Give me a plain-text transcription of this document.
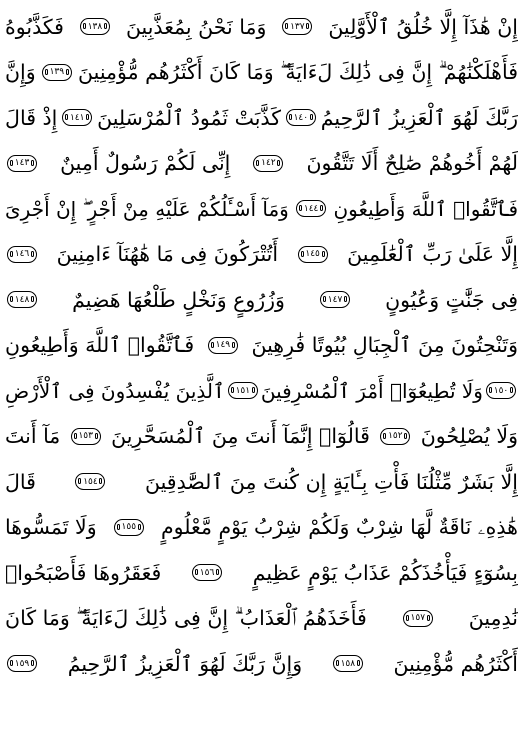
إِنْ هَٰذَآ إِلَّا خُلُقُ ٱلْأَوَّلِينَ
١٣٧
وَمَا نَحْنُ بِمُعَذَّبِينَ
١٣٨
فَكَذَّبُوهُ
فَأَهْلَكْنَٰهُمْ ۗ إِنَّ فِى ذَٰلِكَ لَءَايَةً ۖ وَمَا كَانَ أَكْثَرُهُم مُّؤْمِنِينَ
١٣٩
وَإِنَّ
رَبَّكَ لَهُوَ ٱلْعَزِيزُ ٱلرَّحِيمُ
١٤٠
كَذَّبَتْ ثَمُودُ ٱلْمُرْسَلِينَ
١٤١
إِذْ قَالَ
لَهُمْ أَخُوهُمْ صَٰلِحٌ أَلَا تَتَّقُونَ
١٤٢
إِنِّى لَكُمْ رَسُولٌ أَمِينٌ
١٤٣
فَٱتَّقُوا۟ ٱللَّهَ وَأَطِيعُونِ
١٤٤
وَمَآ أَسْـَٔلُكُمْ عَلَيْهِ مِنْ أَجْرٍ ۖ إِنْ أَجْرِىَ
إِلَّا عَلَىٰ رَبِّ ٱلْعَٰلَمِينَ
١٤٥
أَتُتْرَكُونَ فِى مَا هَٰهُنَآ ءَامِنِينَ
١٤٦
فِى جَنَّٰتٍ وَعُيُونٍ
١٤٧
وَزُرُوعٍ وَنَخْلٍ طَلْعُهَا هَضِيمٌ
١٤٨
وَتَنْحِتُونَ مِنَ ٱلْجِبَالِ بُيُوتًا فَٰرِهِينَ
١٤٩
فَٱتَّقُوا۟ ٱللَّهَ وَأَطِيعُونِ
١٥٠
وَلَا تُطِيعُوٓا۟ أَمْرَ ٱلْمُسْرِفِينَ
١٥١
ٱلَّذِينَ يُفْسِدُونَ فِى ٱلْأَرْضِ
وَلَا يُصْلِحُونَ
١٥٢
قَالُوٓا۟ إِنَّمَآ أَنتَ مِنَ ٱلْمُسَحَّرِينَ
١٥٣
مَآ أَنتَ
إِلَّا بَشَرٌ مِّثْلُنَا فَأْتِ بِـَٔايَةٍ إِن كُنتَ مِنَ ٱلصَّٰدِقِينَ
١٥٤
قَالَ
هَٰذِهِۦ نَاقَةٌ لَّهَا شِرْبٌ وَلَكُمْ شِرْبُ يَوْمٍ مَّعْلُومٍ
١٥٥
وَلَا تَمَسُّوهَا
بِسُوٓءٍ فَيَأْخُذَكُمْ عَذَابُ يَوْمٍ عَظِيمٍ
١٥٦
فَعَقَرُوهَا فَأَصْبَحُوا۟
نَٰدِمِينَ
١٥٧
فَأَخَذَهُمُ ٱلْعَذَابُ ۗ إِنَّ فِى ذَٰلِكَ لَءَايَةً ۖ وَمَا كَانَ
أَكْثَرُهُم مُّؤْمِنِينَ
١٥٨
وَإِنَّ رَبَّكَ لَهُوَ ٱلْعَزِيزُ ٱلرَّحِيمُ
١٥٩
